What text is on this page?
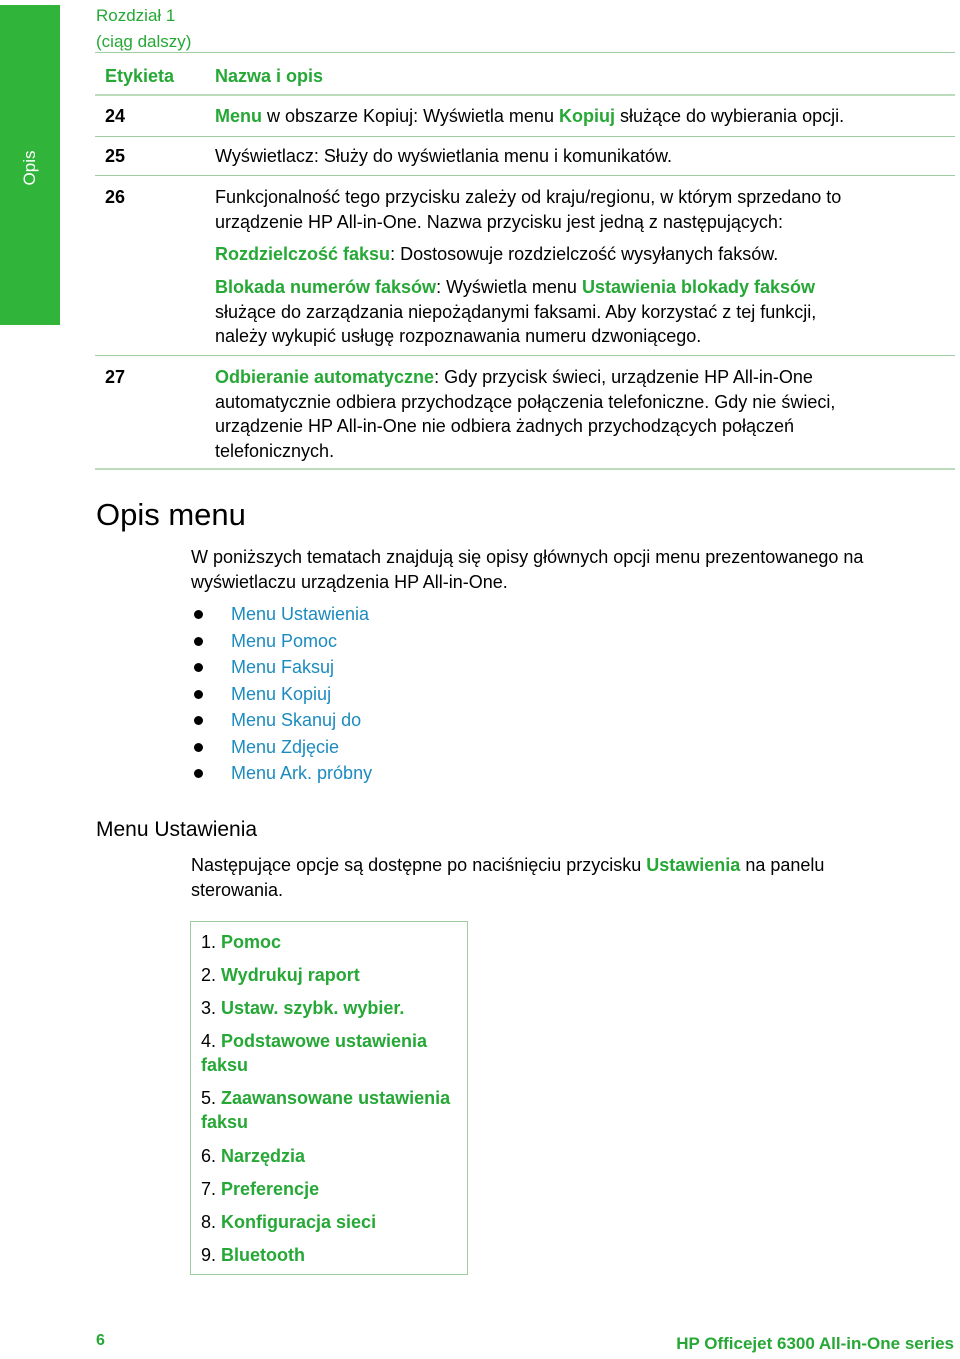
Opis
Rozdział 1
(ciąg dalszy)
Etykieta Nazwa i opis
24	Menu w obszarze Kopiuj: Wyświetla menu Kopiuj służące do wybierania opcji.
25	Wyświetlacz: Służy do wyświetlania menu i komunikatów.
26	Funkcjonalność tego przycisku zależy od kraju/regionu, w którym sprzedano to
urządzenie HP All-in-One. Nazwa przycisku jest jedną z następujących:
Rozdzielczość faksu: Dostosowuje rozdzielczość wysyłanych faksów.
Blokada numerów faksów: Wyświetla menu Ustawienia blokady faksów
służące do zarządzania niepożądanymi faksami. Aby korzystać z tej funkcji,
należy wykupić usługę rozpoznawania numeru dzwoniącego.
27	Odbieranie automatyczne: Gdy przycisk świeci, urządzenie HP All-in-One
automatycznie odbiera przychodzące połączenia telefoniczne. Gdy nie świeci,
urządzenie HP All-in-One nie odbiera żadnych przychodzących połączeń
telefonicznych.
Opis menu
W poniższych tematach znajdują się opisy głównych opcji menu prezentowanego na
wyświetlaczu urządzenia HP All-in-One.
Menu Ustawienia
Menu Pomoc
Menu Faksuj
Menu Kopiuj
Menu Skanuj do
Menu Zdjęcie
Menu Ark. próbny
Menu Ustawienia
Następujące opcje są dostępne po naciśnięciu przycisku Ustawienia na panelu
sterowania.
1. Pomoc
2. Wydrukuj raport
3. Ustaw. szybk. wybier.
4. Podstawowe ustawienia faksu
5. Zaawansowane ustawienia faksu
6. Narzędzia
7. Preferencje
8. Konfiguracja sieci
9. Bluetooth
6	HP Officejet 6300 All-in-One series
